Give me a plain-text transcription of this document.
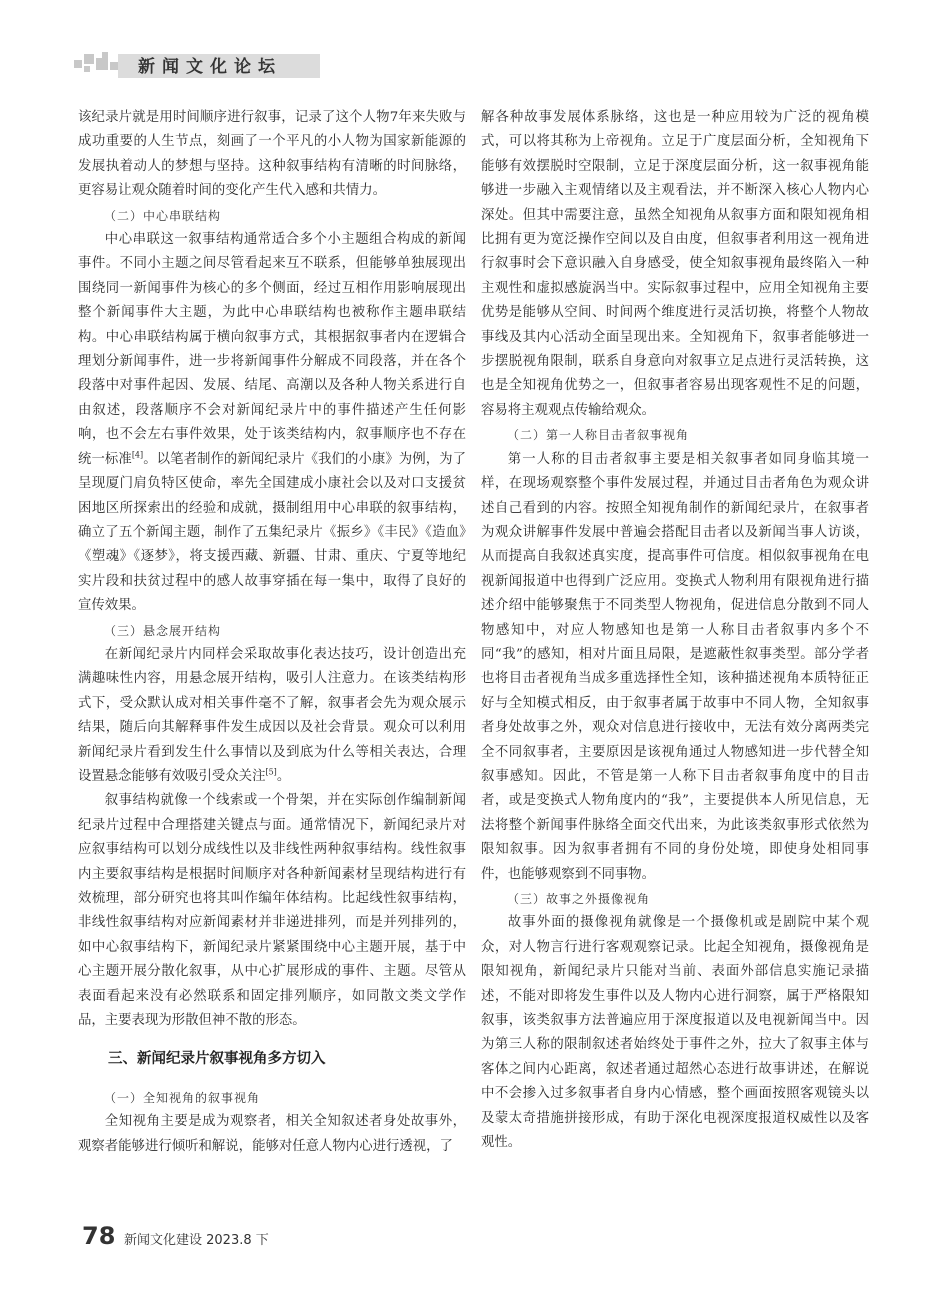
新闻文化论坛

该纪录片就是用时间顺序进行叙事，记录了这个人物7年来失败与成功重要的人生节点，刻画了一个平凡的小人物为国家新能源的发展执着动人的梦想与坚持。这种叙事结构有清晰的时间脉络，更容易让观众随着时间的变化产生代入感和共情力。

（二）中心串联结构

中心串联这一叙事结构通常适合多个小主题组合构成的新闻事件。不同小主题之间尽管看起来互不联系，但能够单独展现出围绕同一新闻事件为核心的多个侧面，经过互相作用影响展现出整个新闻事件大主题，为此中心串联结构也被称作主题串联结构。中心串联结构属于横向叙事方式，其根据叙事者内在逻辑合理划分新闻事件，进一步将新闻事件分解成不同段落，并在各个段落中对事件起因、发展、结尾、高潮以及各种人物关系进行自由叙述，段落顺序不会对新闻纪录片中的事件描述产生任何影响，也不会左右事件效果，处于该类结构内，叙事顺序也不存在统一标准[4]。以笔者制作的新闻纪录片《我们的小康》为例，为了呈现厦门肩负特区使命，率先全国建成小康社会以及对口支援贫困地区所探索出的经验和成就，摄制组用中心串联的叙事结构，确立了五个新闻主题，制作了五集纪录片《振乡》《丰民》《造血》《塑魂》《逐梦》，将支援西藏、新疆、甘肃、重庆、宁夏等地纪实片段和扶贫过程中的感人故事穿插在每一集中，取得了良好的宣传效果。

（三）悬念展开结构

在新闻纪录片内同样会采取故事化表达技巧，设计创造出充满趣味性内容，用悬念展开结构，吸引人注意力。在该类结构形式下，受众默认成对相关事件毫不了解，叙事者会先为观众展示结果，随后向其解释事件发生成因以及社会背景。观众可以利用新闻纪录片看到发生什么事情以及到底为什么等相关表达，合理设置悬念能够有效吸引受众关注[5]。

叙事结构就像一个线索或一个骨架，并在实际创作编制新闻纪录片过程中合理搭建关键点与面。通常情况下，新闻纪录片对应叙事结构可以划分成线性以及非线性两种叙事结构。线性叙事内主要叙事结构是根据时间顺序对各种新闻素材呈现结构进行有效梳理，部分研究也将其叫作编年体结构。比起线性叙事结构，非线性叙事结构对应新闻素材并非递进排列，而是并列排列的，如中心叙事结构下，新闻纪录片紧紧围绕中心主题开展，基于中心主题开展分散化叙事，从中心扩展形成的事件、主题。尽管从表面看起来没有必然联系和固定排列顺序，如同散文类文学作品，主要表现为形散但神不散的形态。

三、新闻纪录片叙事视角多方切入

（一）全知视角的叙事视角

全知视角主要是成为观察者，相关全知叙述者身处故事外，观察者能够进行倾听和解说，能够对任意人物内心进行透视，了

解各种故事发展体系脉络，这也是一种应用较为广泛的视角模式，可以将其称为上帝视角。立足于广度层面分析，全知视角下能够有效摆脱时空限制，立足于深度层面分析，这一叙事视角能够进一步融入主观情绪以及主观看法，并不断深入核心人物内心深处。但其中需要注意，虽然全知视角从叙事方面和限知视角相比拥有更为宽泛操作空间以及自由度，但叙事者利用这一视角进行叙事时会下意识融入自身感受，使全知叙事视角最终陷入一种主观性和虚拟感旋涡当中。实际叙事过程中，应用全知视角主要优势是能够从空间、时间两个维度进行灵活切换，将整个人物故事线及其内心活动全面呈现出来。全知视角下，叙事者能够进一步摆脱视角限制，联系自身意向对叙事立足点进行灵活转换，这也是全知视角优势之一，但叙事者容易出现客观性不足的问题，容易将主观观点传输给观众。

（二）第一人称目击者叙事视角

第一人称的目击者叙事主要是相关叙事者如同身临其境一样，在现场观察整个事件发展过程，并通过目击者角色为观众讲述自己看到的内容。按照全知视角制作的新闻纪录片，在叙事者为观众讲解事件发展中普遍会搭配目击者以及新闻当事人访谈，从而提高自我叙述真实度，提高事件可信度。相似叙事视角在电视新闻报道中也得到广泛应用。变换式人物利用有限视角进行描述介绍中能够聚焦于不同类型人物视角，促进信息分散到不同人物感知中，对应人物感知也是第一人称目击者叙事内多个不同“我”的感知，相对片面且局限，是遮蔽性叙事类型。部分学者也将目击者视角当成多重选择性全知，该种描述视角本质特征正好与全知模式相反，由于叙事者属于故事中不同人物，全知叙事者身处故事之外，观众对信息进行接收中，无法有效分离两类完全不同叙事者，主要原因是该视角通过人物感知进一步代替全知叙事感知。因此，不管是第一人称下目击者叙事角度中的目击者，或是变换式人物角度内的“我”，主要提供本人所见信息，无法将整个新闻事件脉络全面交代出来，为此该类叙事形式依然为限知叙事。因为叙事者拥有不同的身份处境，即使身处相同事件，也能够观察到不同事物。

（三）故事之外摄像视角

故事外面的摄像视角就像是一个摄像机或是剧院中某个观众，对人物言行进行客观观察记录。比起全知视角，摄像视角是限知视角，新闻纪录片只能对当前、表面外部信息实施记录描述，不能对即将发生事件以及人物内心进行洞察，属于严格限知叙事，该类叙事方法普遍应用于深度报道以及电视新闻当中。因为第三人称的限制叙述者始终处于事件之外，拉大了叙事主体与客体之间内心距离，叙述者通过超然心态进行故事讲述，在解说中不会掺入过多叙事者自身内心情感，整个画面按照客观镜头以及蒙太奇措施拼接形成，有助于深化电视深度报道权威性以及客观性。

78 新闻文化建设 2023.8 下
